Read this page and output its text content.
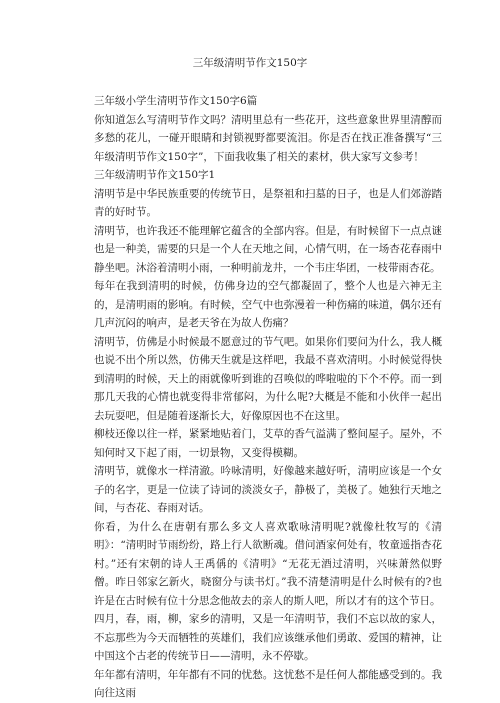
三年级清明节作文150字

三年级小学生清明节作文150字6篇

你知道怎么写清明节作文吗？清明里总有一些花开，这些意象世界里清醇而多愁的花儿，一碰开眼睛和封锁视野都要流泪。你是否在找正准备撰写“三年级清明节作文150字”，下面我收集了相关的素材，供大家写文参考！

三年级清明节作文150字1

清明节是中华民族重要的传统节日，是祭祖和扫墓的日子，也是人们郊游踏青的好时节。

清明节，也许我还不能理解它蕴含的全部内容。但是，有时候留下一点点谜也是一种美，需要的只是一个人在天地之间，心情气明，在一场杏花春雨中静坐吧。沐浴着清明小雨，一种明前龙井，一个韦庄华团，一枝带雨杏花。

每年在我到清明的时候，仿佛身边的空气都凝固了，整个人也是六神无主的，是清明雨的影响。有时候，空气中也弥漫着一种伤痛的味道，偶尔还有几声沉闷的响声，是老天爷在为故人伤痛？

清明节，仿佛是小时候最不愿意过的节气吧。如果你们要问为什么，我人概也说不出个所以然，仿佛天生就是这样吧，我最不喜欢清明。小时候觉得快到清明的时候，天上的雨就像听到谁的召唤似的哗啦啦的下个不停。而一到那几天我的心情也就变得非常郁闷，为什么呢?大概是不能和小伙伴一起出去玩耍吧，但是随着逐渐长大，好像原因也不在这里。

柳枝还像以往一样，紧紧地贴着门，艾草的香气溢满了整间屋子。屋外，不知何时又下起了雨，一切景物，又变得模糊。

清明节，就像水一样清澈。吟咏清明，好像越来越好听，清明应该是一个女子的名字，更是一位读了诗词的淡淡女子，静极了，美极了。她独行天地之间，与杏花、春雨对话。

你看，为什么在唐朝有那么多文人喜欢歌咏清明呢?就像杜牧写的《清明》：“清明时节雨纷纷，路上行人欲断魂。借问酒家何处有，牧童遥指杏花村。”还有宋朝的诗人王禹偁的《清明》“无花无酒过清明，兴味萧然似野僧。昨日邻家乞新火，晓窗分与读书灯。”我不清楚清明是什么时候有的?也许是在古时候有位十分思念他故去的亲人的斯人吧，所以才有的这个节日。

四月，春，雨，柳，家乡的清明，又是一年清明节，我们不忘以故的家人，不忘那些为今天而牺牲的英雄们，我们应该继承他们勇敢、爱国的精神，让中国这个古老的传统节日——清明，永不停歇。

年年都有清明，年年都有不同的忧愁。这忧愁不是任何人都能感受到的。我向往这雨
